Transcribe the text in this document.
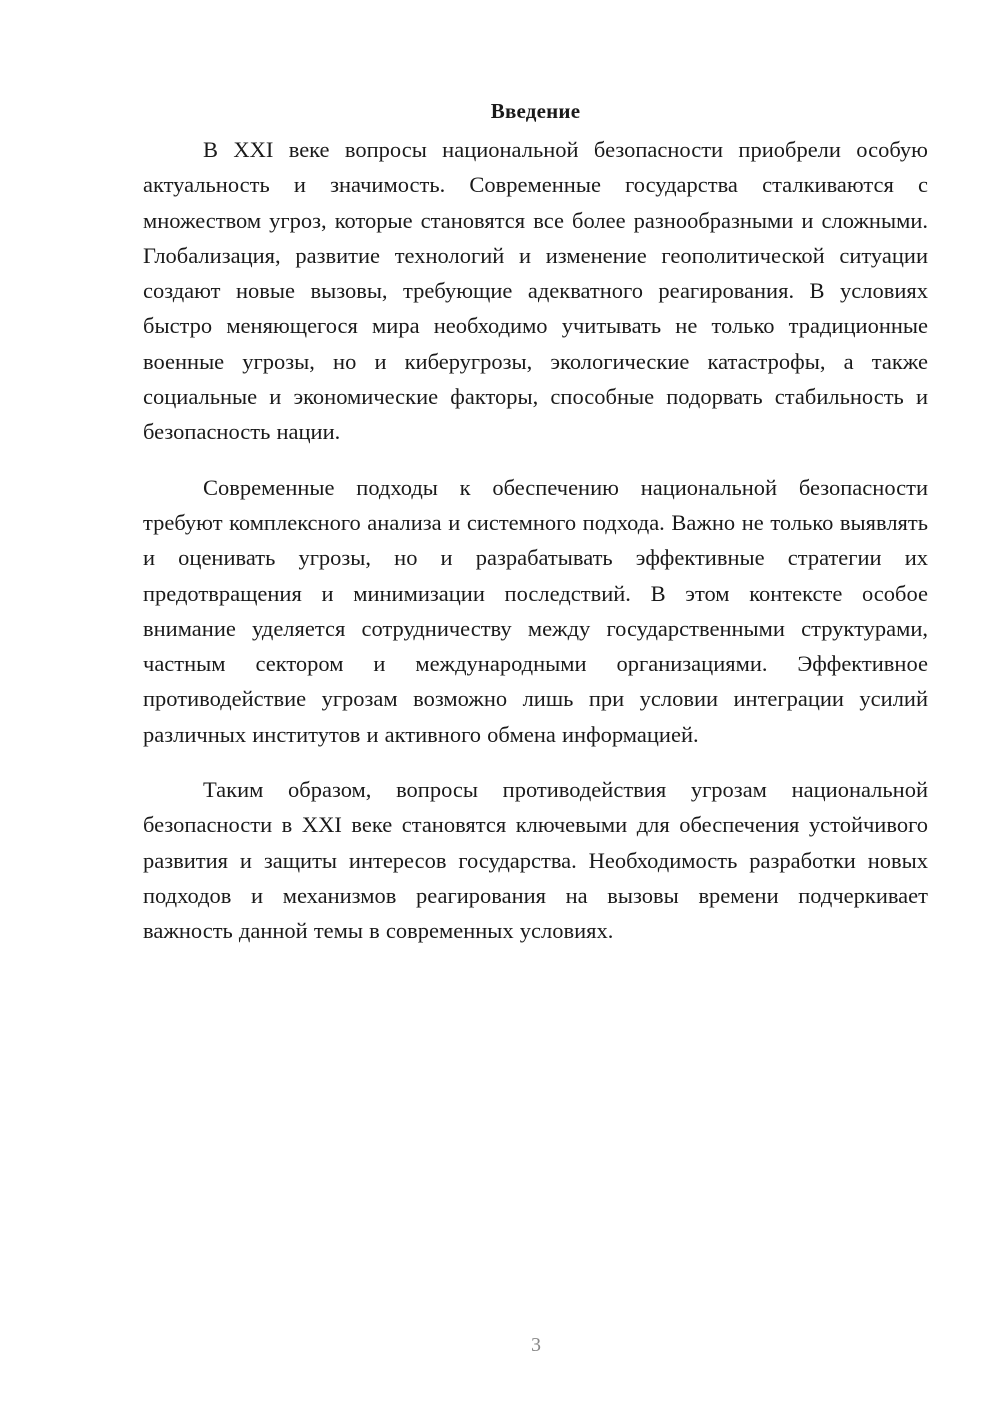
Введение

В XXI веке вопросы национальной безопасности приобрели особую актуальность и значимость. Современные государства сталкиваются с множеством угроз, которые становятся все более разнообразными и сложными. Глобализация, развитие технологий и изменение геополитической ситуации создают новые вызовы, требующие адекватного реагирования. В условиях быстро меняющегося мира необходимо учитывать не только традиционные военные угрозы, но и киберугрозы, экологические катастрофы, а также социальные и экономические факторы, способные подорвать стабильность и безопасность нации.

Современные подходы к обеспечению национальной безопасности требуют комплексного анализа и системного подхода. Важно не только выявлять и оценивать угрозы, но и разрабатывать эффективные стратегии их предотвращения и минимизации последствий. В этом контексте особое внимание уделяется сотрудничеству между государственными структурами, частным сектором и международными организациями. Эффективное противодействие угрозам возможно лишь при условии интеграции усилий различных институтов и активного обмена информацией.

Таким образом, вопросы противодействия угрозам национальной безопасности в XXI веке становятся ключевыми для обеспечения устойчивого развития и защиты интересов государства. Необходимость разработки новых подходов и механизмов реагирования на вызовы времени подчеркивает важность данной темы в современных условиях.

3
